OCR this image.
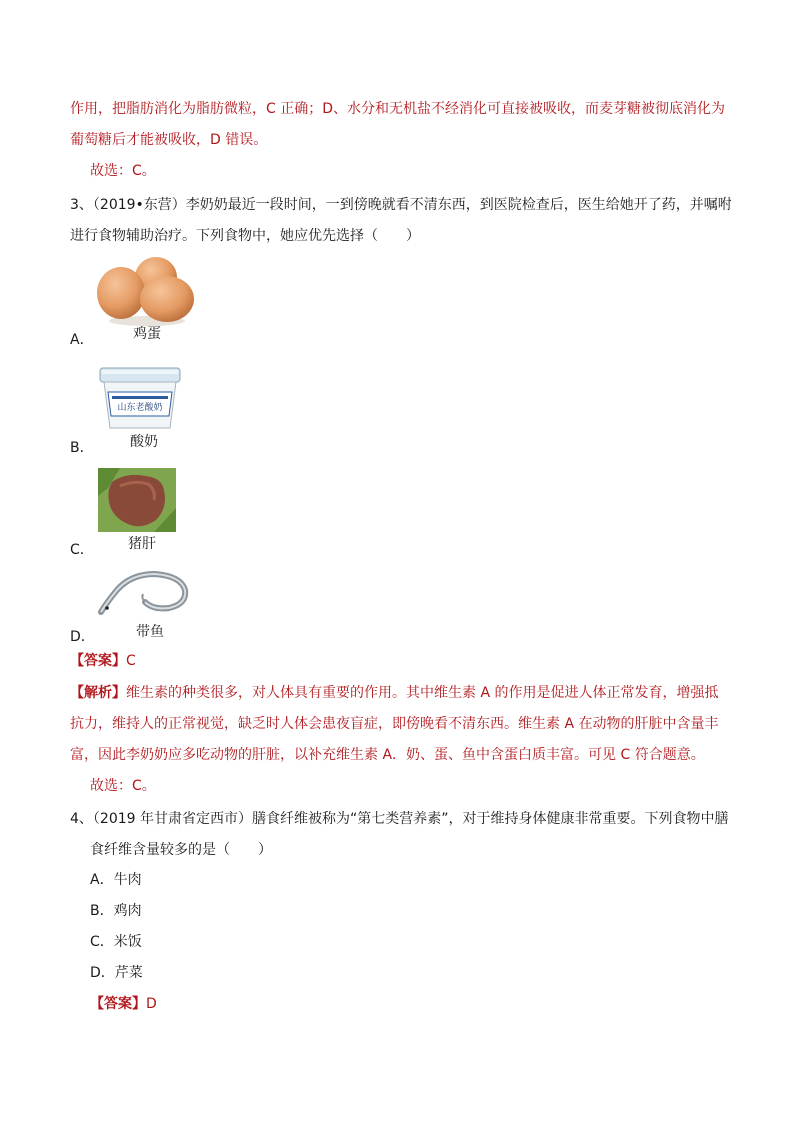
作用，把脂肪消化为脂肪微粒，C 正确；D、水分和无机盐不经消化可直接被吸收，而麦芽糖被彻底消化为
葡萄糖后才能被吸收，D 错误。
故选：C。
3、（2019•东营）李奶奶最近一段时间，一到傍晚就看不清东西，到医院检查后，医生给她开了药，并嘱咐
进行食物辅助治疗。下列食物中，她应优先选择（　　）
A．	鸡蛋
山东老酸奶
B．	酸奶
C．	猪肝
D．	带鱼
【答案】C
【解析】维生素的种类很多，对人体具有重要的作用。其中维生素 A 的作用是促进人体正常发育，增强抵
抗力，维持人的正常视觉，缺乏时人体会患夜盲症，即傍晚看不清东西。维生素 A 在动物的肝脏中含量丰
富，因此李奶奶应多吃动物的肝脏，以补充维生素 A．奶、蛋、鱼中含蛋白质丰富。可见 C 符合题意。
故选：C。
4、（2019 年甘肃省定西市）膳食纤维被称为“第七类营养素”，对于维持身体健康非常重要。下列食物中膳
食纤维含量较多的是（　　）
A．牛肉
B．鸡肉
C．米饭
D．芹菜
【答案】D
